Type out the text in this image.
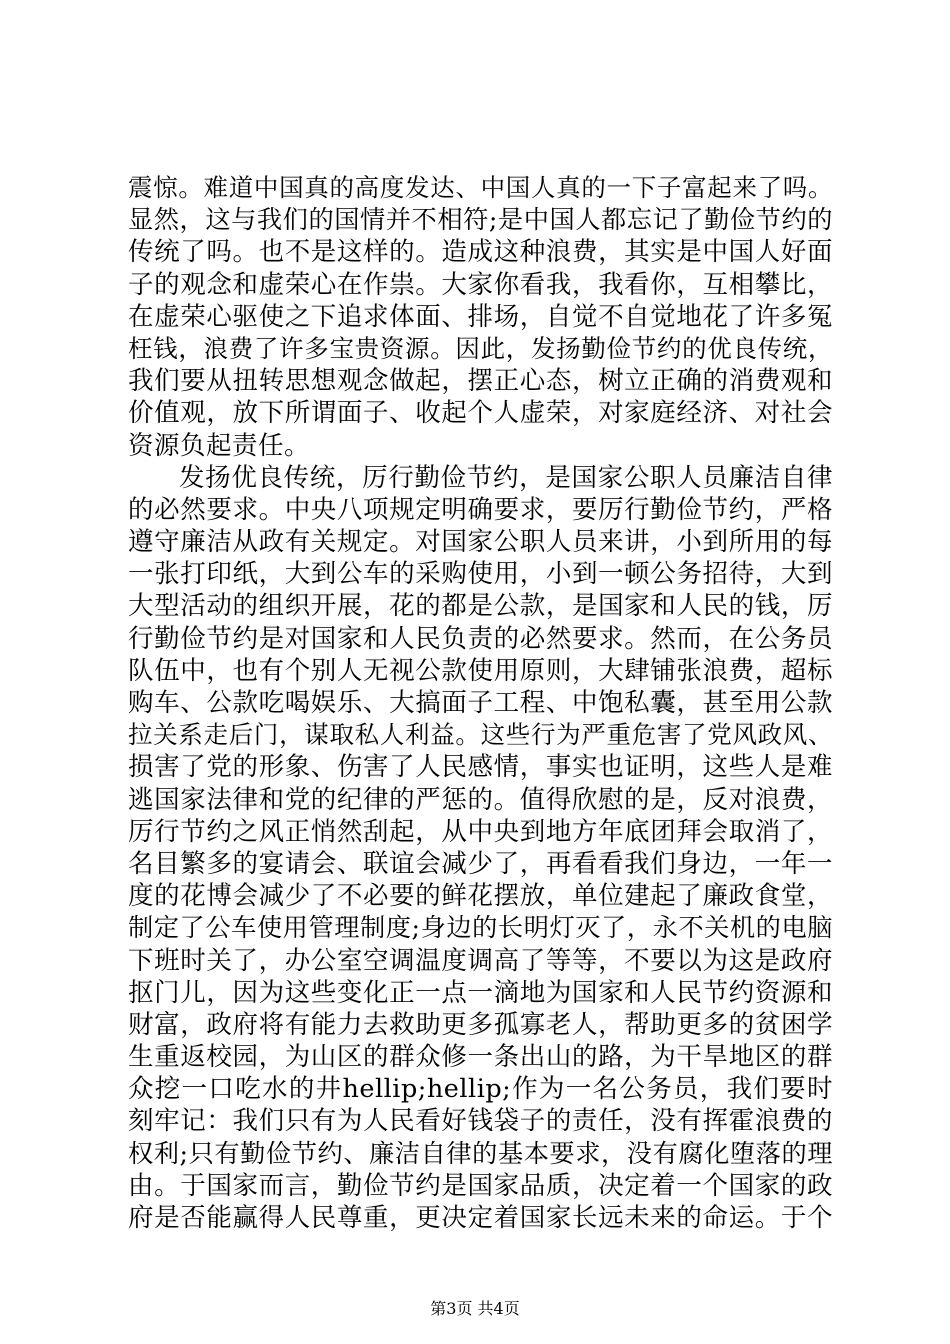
震惊。难道中国真的高度发达、中国人真的一下子富起来了吗。
显然，这与我们的国情并不相符;是中国人都忘记了勤俭节约的
传统了吗。也不是这样的。造成这种浪费，其实是中国人好面
子的观念和虚荣心在作祟。大家你看我，我看你，互相攀比，
在虚荣心驱使之下追求体面、排场，自觉不自觉地花了许多冤
枉钱，浪费了许多宝贵资源。因此，发扬勤俭节约的优良传统，
我们要从扭转思想观念做起，摆正心态，树立正确的消费观和
价值观，放下所谓面子、收起个人虚荣，对家庭经济、对社会
资源负起责任。
发扬优良传统，厉行勤俭节约，是国家公职人员廉洁自律
的必然要求。中央八项规定明确要求，要厉行勤俭节约，严格
遵守廉洁从政有关规定。对国家公职人员来讲，小到所用的每
一张打印纸，大到公车的采购使用，小到一顿公务招待，大到
大型活动的组织开展，花的都是公款，是国家和人民的钱，厉
行勤俭节约是对国家和人民负责的必然要求。然而，在公务员
队伍中，也有个别人无视公款使用原则，大肆铺张浪费，超标
购车、公款吃喝娱乐、大搞面子工程、中饱私囊，甚至用公款
拉关系走后门，谋取私人利益。这些行为严重危害了党风政风、
损害了党的形象、伤害了人民感情，事实也证明，这些人是难
逃国家法律和党的纪律的严惩的。值得欣慰的是，反对浪费，
厉行节约之风正悄然刮起，从中央到地方年底团拜会取消了，
名目繁多的宴请会、联谊会减少了，再看看我们身边，一年一
度的花博会减少了不必要的鲜花摆放，单位建起了廉政食堂，
制定了公车使用管理制度;身边的长明灯灭了，永不关机的电脑
下班时关了，办公室空调温度调高了等等，不要以为这是政府
抠门儿，因为这些变化正一点一滴地为国家和人民节约资源和
财富，政府将有能力去救助更多孤寡老人，帮助更多的贫困学
生重返校园，为山区的群众修一条出山的路，为干旱地区的群
众挖一口吃水的井hellip;hellip;作为一名公务员，我们要时
刻牢记：我们只有为人民看好钱袋子的责任，没有挥霍浪费的
权利;只有勤俭节约、廉洁自律的基本要求，没有腐化堕落的理
由。于国家而言，勤俭节约是国家品质，决定着一个国家的政
府是否能赢得人民尊重，更决定着国家长远未来的命运。于个
第3页 共4页
